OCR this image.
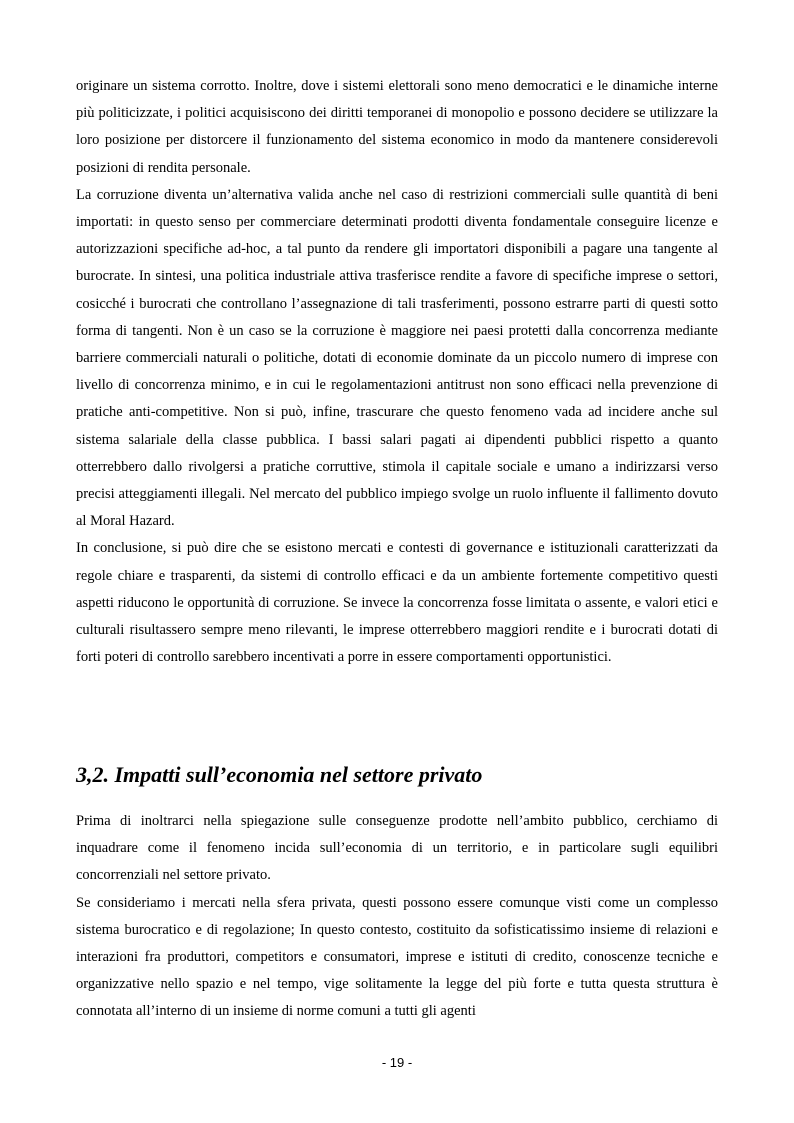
originare un sistema corrotto. Inoltre, dove i sistemi elettorali sono meno democratici e le dinamiche interne più politicizzate, i politici acquisiscono dei diritti temporanei di monopolio e possono decidere se utilizzare la loro posizione per distorcere il funzionamento del sistema economico in modo da mantenere considerevoli posizioni di rendita personale.

La corruzione diventa un’alternativa valida anche nel caso di restrizioni commerciali sulle quantità di beni importati: in questo senso per commerciare determinati prodotti diventa fondamentale conseguire licenze e autorizzazioni specifiche ad-hoc, a tal punto da rendere gli importatori disponibili a pagare una tangente al burocrate. In sintesi, una politica industriale attiva trasferisce rendite a favore di specifiche imprese o settori, cosicché i burocrati che controllano l’assegnazione di tali trasferimenti, possono estrarre parti di questi sotto forma di tangenti. Non è un caso se la corruzione è maggiore nei paesi protetti dalla concorrenza mediante barriere commerciali naturali o politiche, dotati di economie dominate da un piccolo numero di imprese con livello di concorrenza minimo, e in cui le regolamentazioni antitrust non sono efficaci nella prevenzione di pratiche anti-competitive. Non si può, infine, trascurare che questo fenomeno vada ad incidere anche sul sistema salariale della classe pubblica. I bassi salari pagati ai dipendenti pubblici rispetto a quanto otterrebbero dallo rivolgersi a pratiche corruttive, stimola il capitale sociale e umano a indirizzarsi verso precisi atteggiamenti illegali. Nel mercato del pubblico impiego svolge un ruolo influente il fallimento dovuto al Moral Hazard.

In conclusione, si può dire che se esistono mercati e contesti di governance e istituzionali caratterizzati da regole chiare e trasparenti, da sistemi di controllo efficaci e da un ambiente fortemente competitivo questi aspetti riducono le opportunità di corruzione. Se invece la concorrenza fosse limitata o assente, e valori etici e culturali risultassero sempre meno rilevanti, le imprese otterrebbero maggiori rendite e i burocrati dotati di forti poteri di controllo sarebbero incentivati a porre in essere comportamenti opportunistici.

3,2. Impatti sull’economia nel settore privato

Prima di inoltrarci nella spiegazione sulle conseguenze prodotte nell’ambito pubblico, cerchiamo di inquadrare come il fenomeno incida sull’economia di un territorio, e in particolare sugli equilibri concorrenziali nel settore privato.

Se consideriamo i mercati nella sfera privata, questi possono essere comunque visti come un complesso sistema burocratico e di regolazione; In questo contesto, costituito da sofisticatissimo insieme di relazioni e interazioni fra produttori, competitors e consumatori, imprese e istituti di credito, conoscenze tecniche e organizzative nello spazio e nel tempo, vige solitamente la legge del più forte e tutta questa struttura è connotata all’interno di un insieme di norme comuni a tutti gli agenti

- 19 -
